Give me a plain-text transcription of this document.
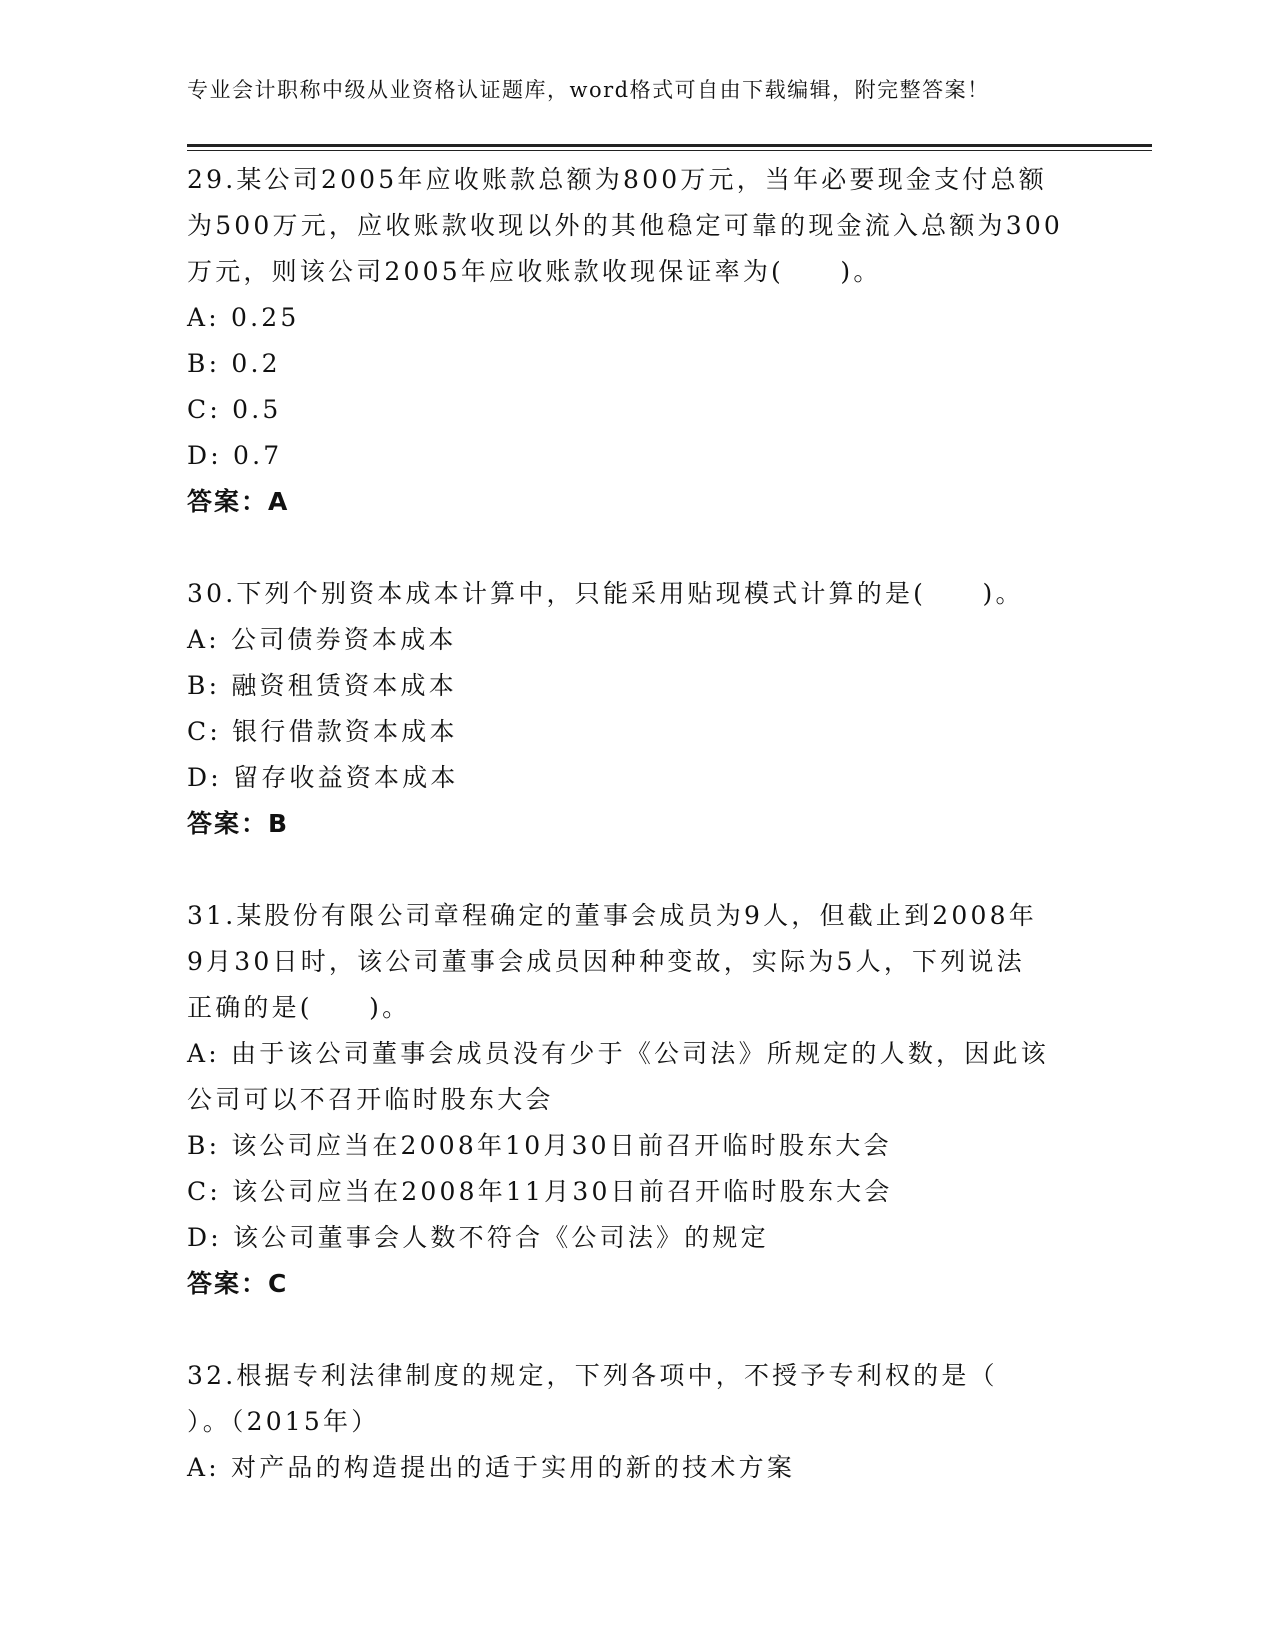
专业会计职称中级从业资格认证题库，word格式可自由下载编辑，附完整答案！
29.某公司2005年应收账款总额为800万元，当年必要现金支付总额
为500万元，应收账款收现以外的其他稳定可靠的现金流入总额为300
万元，则该公司2005年应收账款收现保证率为(　　)。
A: 0.25
B: 0.2
C: 0.5
D: 0.7
答案：A
30.下列个别资本成本计算中，只能采用贴现模式计算的是(　　)。
A: 公司债券资本成本
B: 融资租赁资本成本
C: 银行借款资本成本
D: 留存收益资本成本
答案：B
31.某股份有限公司章程确定的董事会成员为9人，但截止到2008年
9月30日时，该公司董事会成员因种种变故，实际为5人，下列说法
正确的是(　　)。
A: 由于该公司董事会成员没有少于《公司法》所规定的人数，因此该
公司可以不召开临时股东大会
B: 该公司应当在2008年10月30日前召开临时股东大会
C: 该公司应当在2008年11月30日前召开临时股东大会
D: 该公司董事会人数不符合《公司法》的规定
答案：C
32.根据专利法律制度的规定，下列各项中，不授予专利权的是（
）。（2015年）
A: 对产品的构造提出的适于实用的新的技术方案
